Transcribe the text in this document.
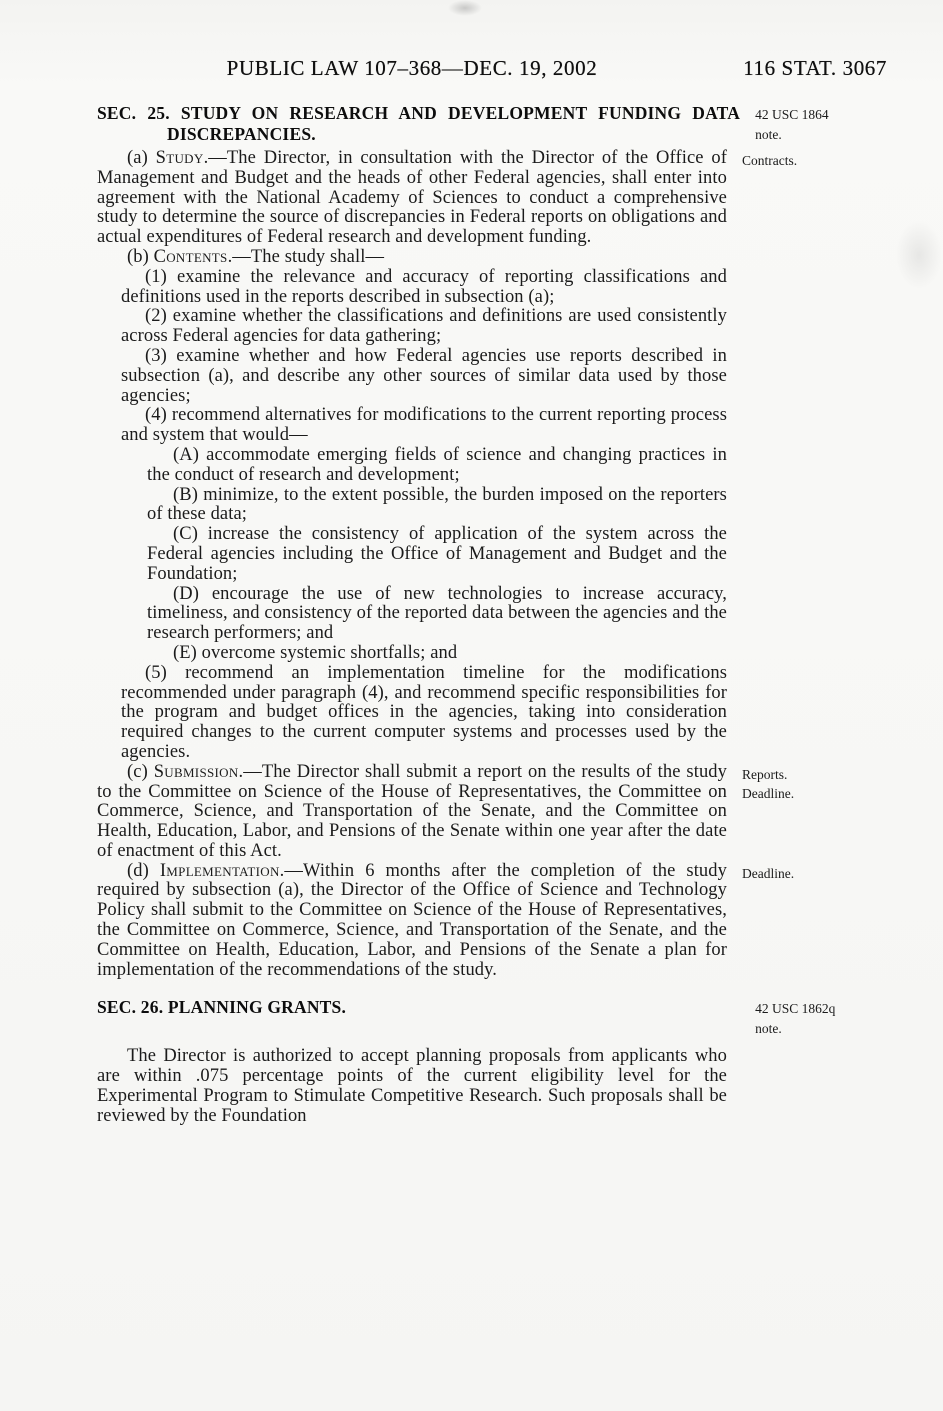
PUBLIC LAW 107–368—DEC. 19, 2002	116 STAT. 3067

SEC. 25. STUDY ON RESEARCH AND DEVELOPMENT FUNDING DATA DISCREPANCIES.

42 USC 1864
note.

(a) Study.—The Director, in consultation with the Director of the Office of Management and Budget and the heads of other Federal agencies, shall enter into agreement with the National Academy of Sciences to conduct a comprehensive study to determine the source of discrepancies in Federal reports on obligations and actual expenditures of Federal research and development funding.

Contracts.

(b) Contents.—The study shall—

(1) examine the relevance and accuracy of reporting classifications and definitions used in the reports described in subsection (a);

(2) examine whether the classifications and definitions are used consistently across Federal agencies for data gathering;

(3) examine whether and how Federal agencies use reports described in subsection (a), and describe any other sources of similar data used by those agencies;

(4) recommend alternatives for modifications to the current reporting process and system that would—

(A) accommodate emerging fields of science and changing practices in the conduct of research and development;

(B) minimize, to the extent possible, the burden imposed on the reporters of these data;

(C) increase the consistency of application of the system across the Federal agencies including the Office of Management and Budget and the Foundation;

(D) encourage the use of new technologies to increase accuracy, timeliness, and consistency of the reported data between the agencies and the research performers; and

(E) overcome systemic shortfalls; and

(5) recommend an implementation timeline for the modifications recommended under paragraph (4), and recommend specific responsibilities for the program and budget offices in the agencies, taking into consideration required changes to the current computer systems and processes used by the agencies.

(c) Submission.—The Director shall submit a report on the results of the study to the Committee on Science of the House of Representatives, the Committee on Commerce, Science, and Transportation of the Senate, and the Committee on Health, Education, Labor, and Pensions of the Senate within one year after the date of enactment of this Act.

Reports.
Deadline.

(d) Implementation.—Within 6 months after the completion of the study required by subsection (a), the Director of the Office of Science and Technology Policy shall submit to the Committee on Science of the House of Representatives, the Committee on Commerce, Science, and Transportation of the Senate, and the Committee on Health, Education, Labor, and Pensions of the Senate a plan for implementation of the recommendations of the study.

Deadline.

SEC. 26. PLANNING GRANTS.	42 USC 1862q
note.

The Director is authorized to accept planning proposals from applicants who are within .075 percentage points of the current eligibility level for the Experimental Program to Stimulate Competitive Research. Such proposals shall be reviewed by the Foundation
